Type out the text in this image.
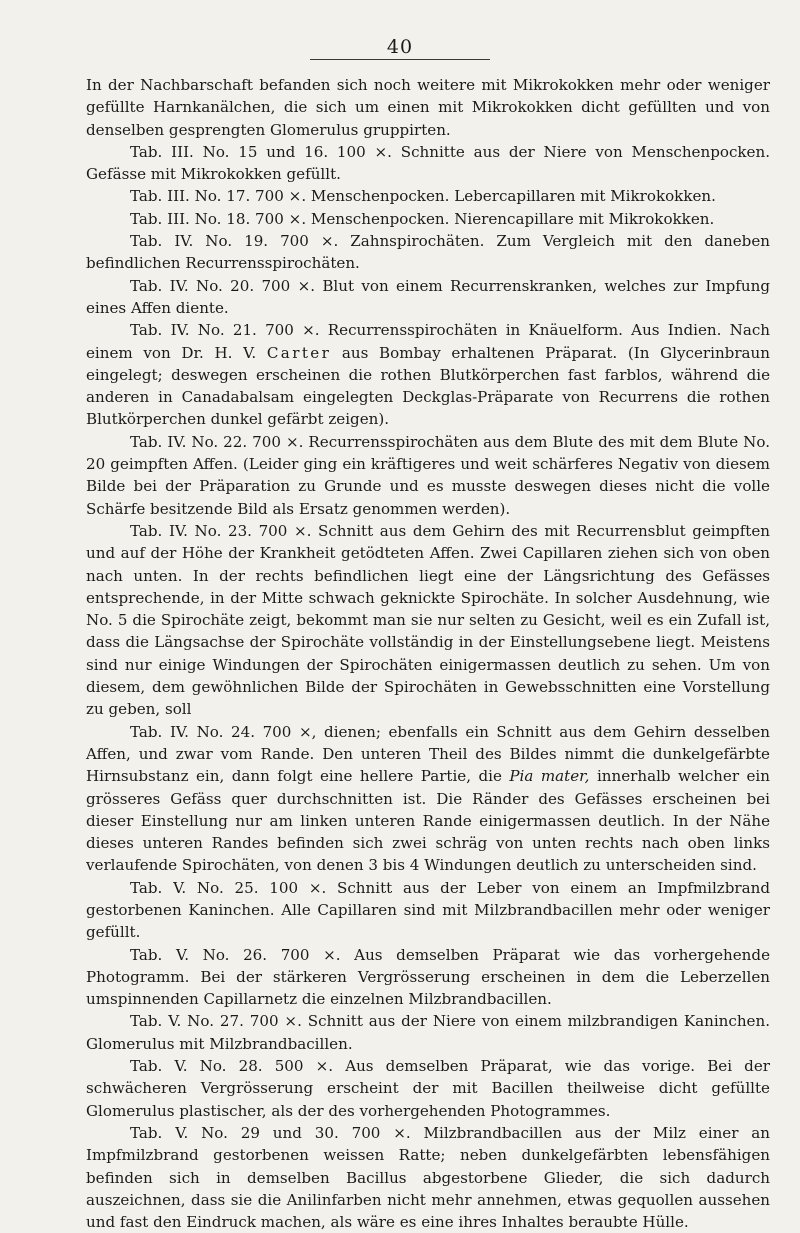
40

In der Nachbarschaft befanden sich noch weitere mit Mikrokokken mehr oder weniger gefüllte Harnkanälchen, die sich um einen mit Mikrokokken dicht gefüllten und von denselben gesprengten Glomerulus gruppirten.

Tab. III. No. 15 und 16. 100 ×. Schnitte aus der Niere von Menschenpocken. Gefässe mit Mikrokokken gefüllt.

Tab. III. No. 17. 700 ×. Menschenpocken. Lebercapillaren mit Mikrokokken.

Tab. III. No. 18. 700 ×. Menschenpocken. Nierencapillare mit Mikrokokken.

Tab. IV. No. 19. 700 ×. Zahnspirochäten. Zum Vergleich mit den daneben befindlichen Recurrensspirochäten.

Tab. IV. No. 20. 700 ×. Blut von einem Recurrenskranken, welches zur Impfung eines Affen diente.

Tab. IV. No. 21. 700 ×. Recurrensspirochäten in Knäuelform. Aus Indien. Nach einem von Dr. H. V. Carter aus Bombay erhaltenen Präparat. (In Glycerinbraun eingelegt; deswegen erscheinen die rothen Blutkörperchen fast farblos, während die anderen in Canadabalsam eingelegten Deckglas-Präparate von Recurrens die rothen Blutkörperchen dunkel gefärbt zeigen).

Tab. IV. No. 22. 700 ×. Recurrensspirochäten aus dem Blute des mit dem Blute No. 20 geimpften Affen. (Leider ging ein kräftigeres und weit schärferes Negativ von diesem Bilde bei der Präparation zu Grunde und es musste deswegen dieses nicht die volle Schärfe besitzende Bild als Ersatz genommen werden).

Tab. IV. No. 23. 700 ×. Schnitt aus dem Gehirn des mit Recurrensblut geimpften und auf der Höhe der Krankheit getödteten Affen. Zwei Capillaren ziehen sich von oben nach unten. In der rechts befindlichen liegt eine der Längsrichtung des Gefässes entsprechende, in der Mitte schwach geknickte Spirochäte. In solcher Ausdehnung, wie No. 5 die Spirochäte zeigt, bekommt man sie nur selten zu Gesicht, weil es ein Zufall ist, dass die Längsachse der Spirochäte vollständig in der Einstellungsebene liegt. Meistens sind nur einige Windungen der Spirochäten einigermassen deutlich zu sehen. Um von diesem, dem gewöhnlichen Bilde der Spirochäten in Gewebsschnitten eine Vorstellung zu geben, soll

Tab. IV. No. 24. 700 ×, dienen; ebenfalls ein Schnitt aus dem Gehirn desselben Affen, und zwar vom Rande. Den unteren Theil des Bildes nimmt die dunkelgefärbte Hirnsubstanz ein, dann folgt eine hellere Partie, die Pia mater, innerhalb welcher ein grösseres Gefäss quer durchschnitten ist. Die Ränder des Gefässes erscheinen bei dieser Einstellung nur am linken unteren Rande einigermassen deutlich. In der Nähe dieses unteren Randes befinden sich zwei schräg von unten rechts nach oben links verlaufende Spirochäten, von denen 3 bis 4 Windungen deutlich zu unterscheiden sind.

Tab. V. No. 25. 100 ×. Schnitt aus der Leber von einem an Impfmilzbrand gestorbenen Kaninchen. Alle Capillaren sind mit Milzbrandbacillen mehr oder weniger gefüllt.

Tab. V. No. 26. 700 ×. Aus demselben Präparat wie das vorhergehende Photogramm. Bei der stärkeren Vergrösserung erscheinen in dem die Leberzellen umspinnenden Capillarnetz die einzelnen Milzbrandbacillen.

Tab. V. No. 27. 700 ×. Schnitt aus der Niere von einem milzbrandigen Kaninchen. Glomerulus mit Milzbrandbacillen.

Tab. V. No. 28. 500 ×. Aus demselben Präparat, wie das vorige. Bei der schwächeren Vergrösserung erscheint der mit Bacillen theilweise dicht gefüllte Glomerulus plastischer, als der des vorhergehenden Photogrammes.

Tab. V. No. 29 und 30. 700 ×. Milzbrandbacillen aus der Milz einer an Impfmilzbrand gestorbenen weissen Ratte; neben dunkelgefärbten lebensfähigen befinden sich in demselben Bacillus abgestorbene Glieder, die sich dadurch auszeichnen, dass sie die Anilinfarben nicht mehr annehmen, etwas gequollen aussehen und fast den Eindruck machen, als wäre es eine ihres Inhaltes beraubte Hülle.
